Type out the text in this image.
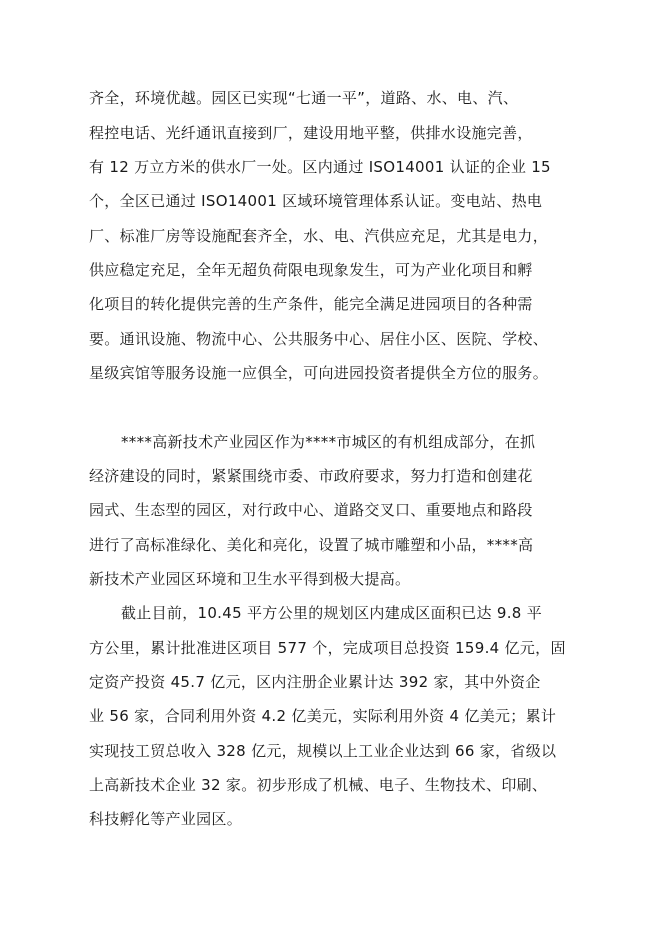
齐全，环境优越。园区已实现“七通一平”，道路、水、电、汽、
程控电话、光纤通讯直接到厂，建设用地平整，供排水设施完善，
有 12 万立方米的供水厂一处。区内通过 ISO14001 认证的企业 15
个，全区已通过 ISO14001 区域环境管理体系认证。变电站、热电
厂、标准厂房等设施配套齐全，水、电、汽供应充足，尤其是电力，
供应稳定充足，全年无超负荷限电现象发生，可为产业化项目和孵
化项目的转化提供完善的生产条件，能完全满足进园项目的各种需
要。通讯设施、物流中心、公共服务中心、居住小区、医院、学校、
星级宾馆等服务设施一应俱全，可向进园投资者提供全方位的服务。
****高新技术产业园区作为****市城区的有机组成部分，在抓
经济建设的同时，紧紧围绕市委、市政府要求，努力打造和创建花
园式、生态型的园区，对行政中心、道路交叉口、重要地点和路段
进行了高标准绿化、美化和亮化，设置了城市雕塑和小品，****高
新技术产业园区环境和卫生水平得到极大提高。
截止目前，10.45 平方公里的规划区内建成区面积已达 9.8 平
方公里，累计批准进区项目 577 个，完成项目总投资 159.4 亿元，固
定资产投资 45.7 亿元，区内注册企业累计达 392 家，其中外资企
业 56 家，合同利用外资 4.2 亿美元，实际利用外资 4 亿美元；累计
实现技工贸总收入 328 亿元，规模以上工业企业达到 66 家，省级以
上高新技术企业 32 家。初步形成了机械、电子、生物技术、印刷、
科技孵化等产业园区。
